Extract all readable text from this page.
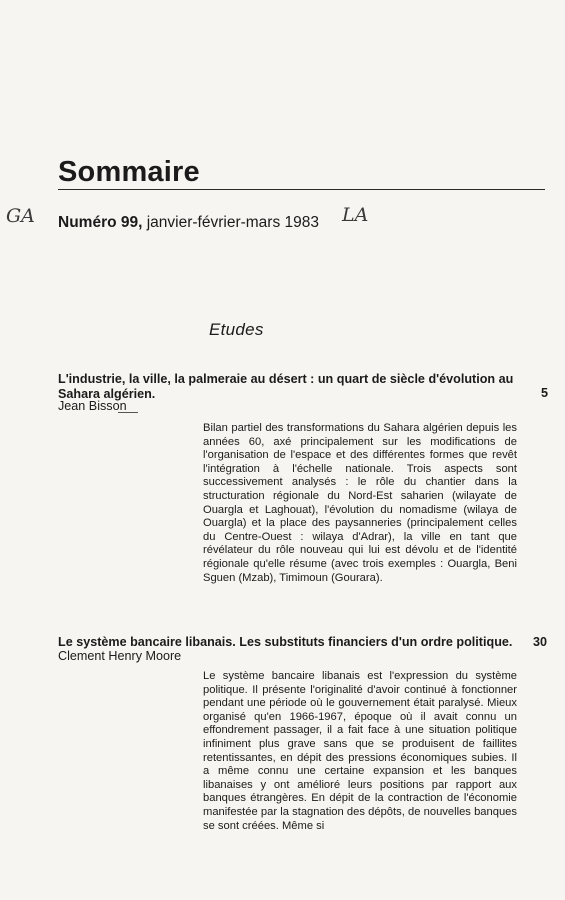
Sommaire
Numéro 99, janvier-février-mars 1983
GA	LA
Etudes
L'industrie, la ville, la palmeraie au désert : un quart de siècle d'évolution au Sahara algérien.	5
Jean Bisson

Bilan partiel des transformations du Sahara algérien depuis les années 60, axé principalement sur les modifications de l'organisation de l'espace et des différentes formes que revêt l'intégration à l'échelle nationale. Trois aspects sont successivement analysés : le rôle du chantier dans la structuration régionale du Nord-Est saharien (wilayate de Ouargla et Laghouat), l'évolution du nomadisme (wilaya de Ouargla) et la place des paysanneries (principalement celles du Centre-Ouest : wilaya d'Adrar), la ville en tant que révélateur du rôle nouveau qui lui est dévolu et de l'identité régionale qu'elle résume (avec trois exemples : Ouargla, Beni Sguen (Mzab), Timimoun (Gourara).

Le système bancaire libanais. Les substituts financiers d'un ordre politique.	30
Clement Henry Moore

Le système bancaire libanais est l'expression du système politique. Il présente l'originalité d'avoir continué à fonctionner pendant une période où le gouvernement était paralysé. Mieux organisé qu'en 1966-1967, époque où il avait connu un effondrement passager, il a fait face à une situation politique infiniment plus grave sans que se produisent de faillites retentissantes, en dépit des pressions économiques subies. Il a même connu une certaine expansion et les banques libanaises y ont amélioré leurs positions par rapport aux banques étrangères. En dépit de la contraction de l'économie manifestée par la stagnation des dépôts, de nouvelles banques se sont créées. Même si
